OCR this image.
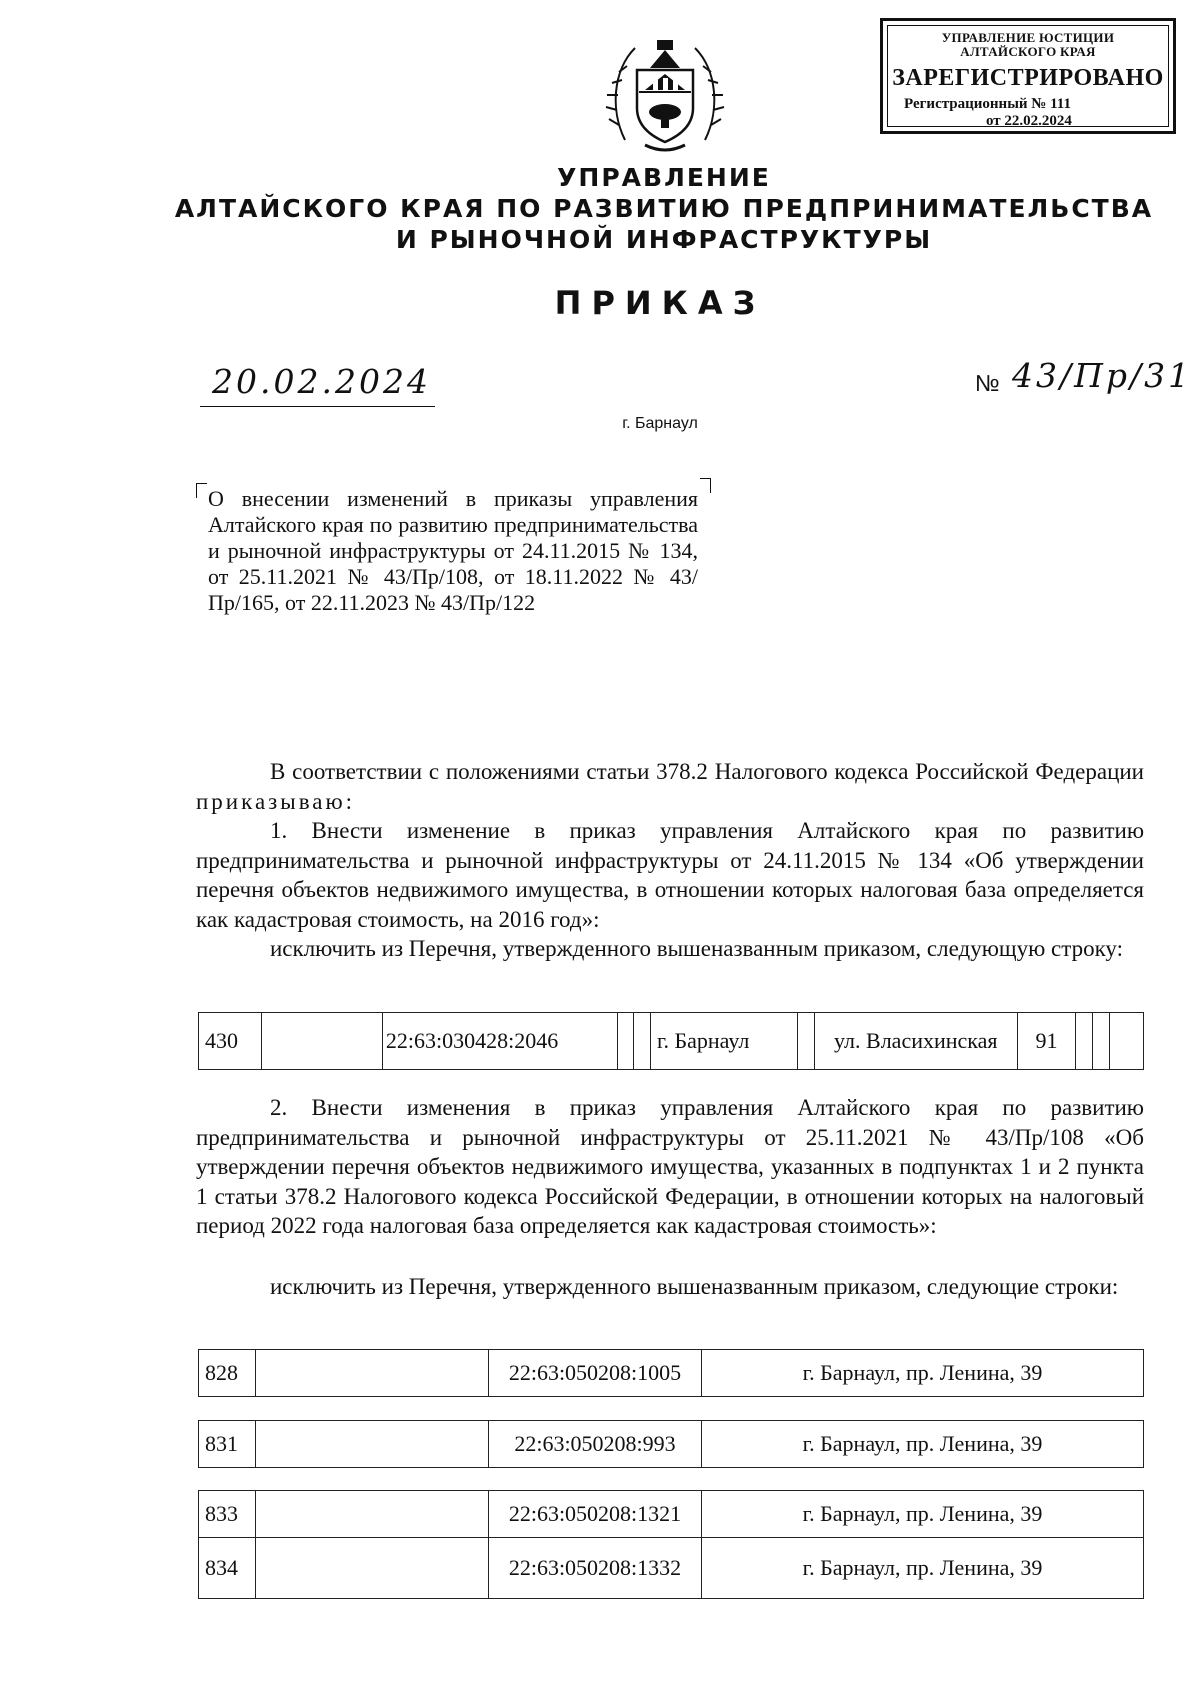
УПРАВЛЕНИЕ ЮСТИЦИИ
АЛТАЙСКОГО КРАЯ
ЗАРЕГИСТРИРОВАНО
Регистрационный № 111
от 22.02.2024
УПРАВЛЕНИЕ
АЛТАЙСКОГО КРАЯ ПО РАЗВИТИЮ ПРЕДПРИНИМАТЕЛЬСТВА
И РЫНОЧНОЙ ИНФРАСТРУКТУРЫ
ПРИКАЗ
20.02.2024	№ 43/Пр/31
г. Барнаул
О внесении изменений в приказы управления Алтайского края по развитию предпринимательства и рыночной инфраструктуры от 24.11.2015 № 134, от 25.11.2021 № 43/Пр/108, от 18.11.2022 № 43/Пр/165, от 22.11.2023 № 43/Пр/122
В соответствии с положениями статьи 378.2 Налогового кодекса Российской Федерации приказываю:
1. Внести изменение в приказ управления Алтайского края по развитию предпринимательства и рыночной инфраструктуры от 24.11.2015 № 134 «Об утверждении перечня объектов недвижимого имущества, в отношении которых налоговая база определяется как кадастровая стоимость, на 2016 год»:
исключить из Перечня, утвержденного вышеназванным приказом, следующую строку:
430		22:63:030428:2046			г. Барнаул		ул. Власихинская	91			
2. Внести изменения в приказ управления Алтайского края по развитию предпринимательства и рыночной инфраструктуры от 25.11.2021 № 43/Пр/108 «Об утверждении перечня объектов недвижимого имущества, указанных в подпунктах 1 и 2 пункта 1 статьи 378.2 Налогового кодекса Российской Федерации, в отношении которых на налоговый период 2022 года налоговая база определяется как кадастровая стоимость»:
исключить из Перечня, утвержденного вышеназванным приказом, следующие строки:
828		22:63:050208:1005	г. Барнаул, пр. Ленина, 39
831		22:63:050208:993	г. Барнаул, пр. Ленина, 39
833		22:63:050208:1321	г. Барнаул, пр. Ленина, 39
834		22:63:050208:1332	г. Барнаул, пр. Ленина, 39
